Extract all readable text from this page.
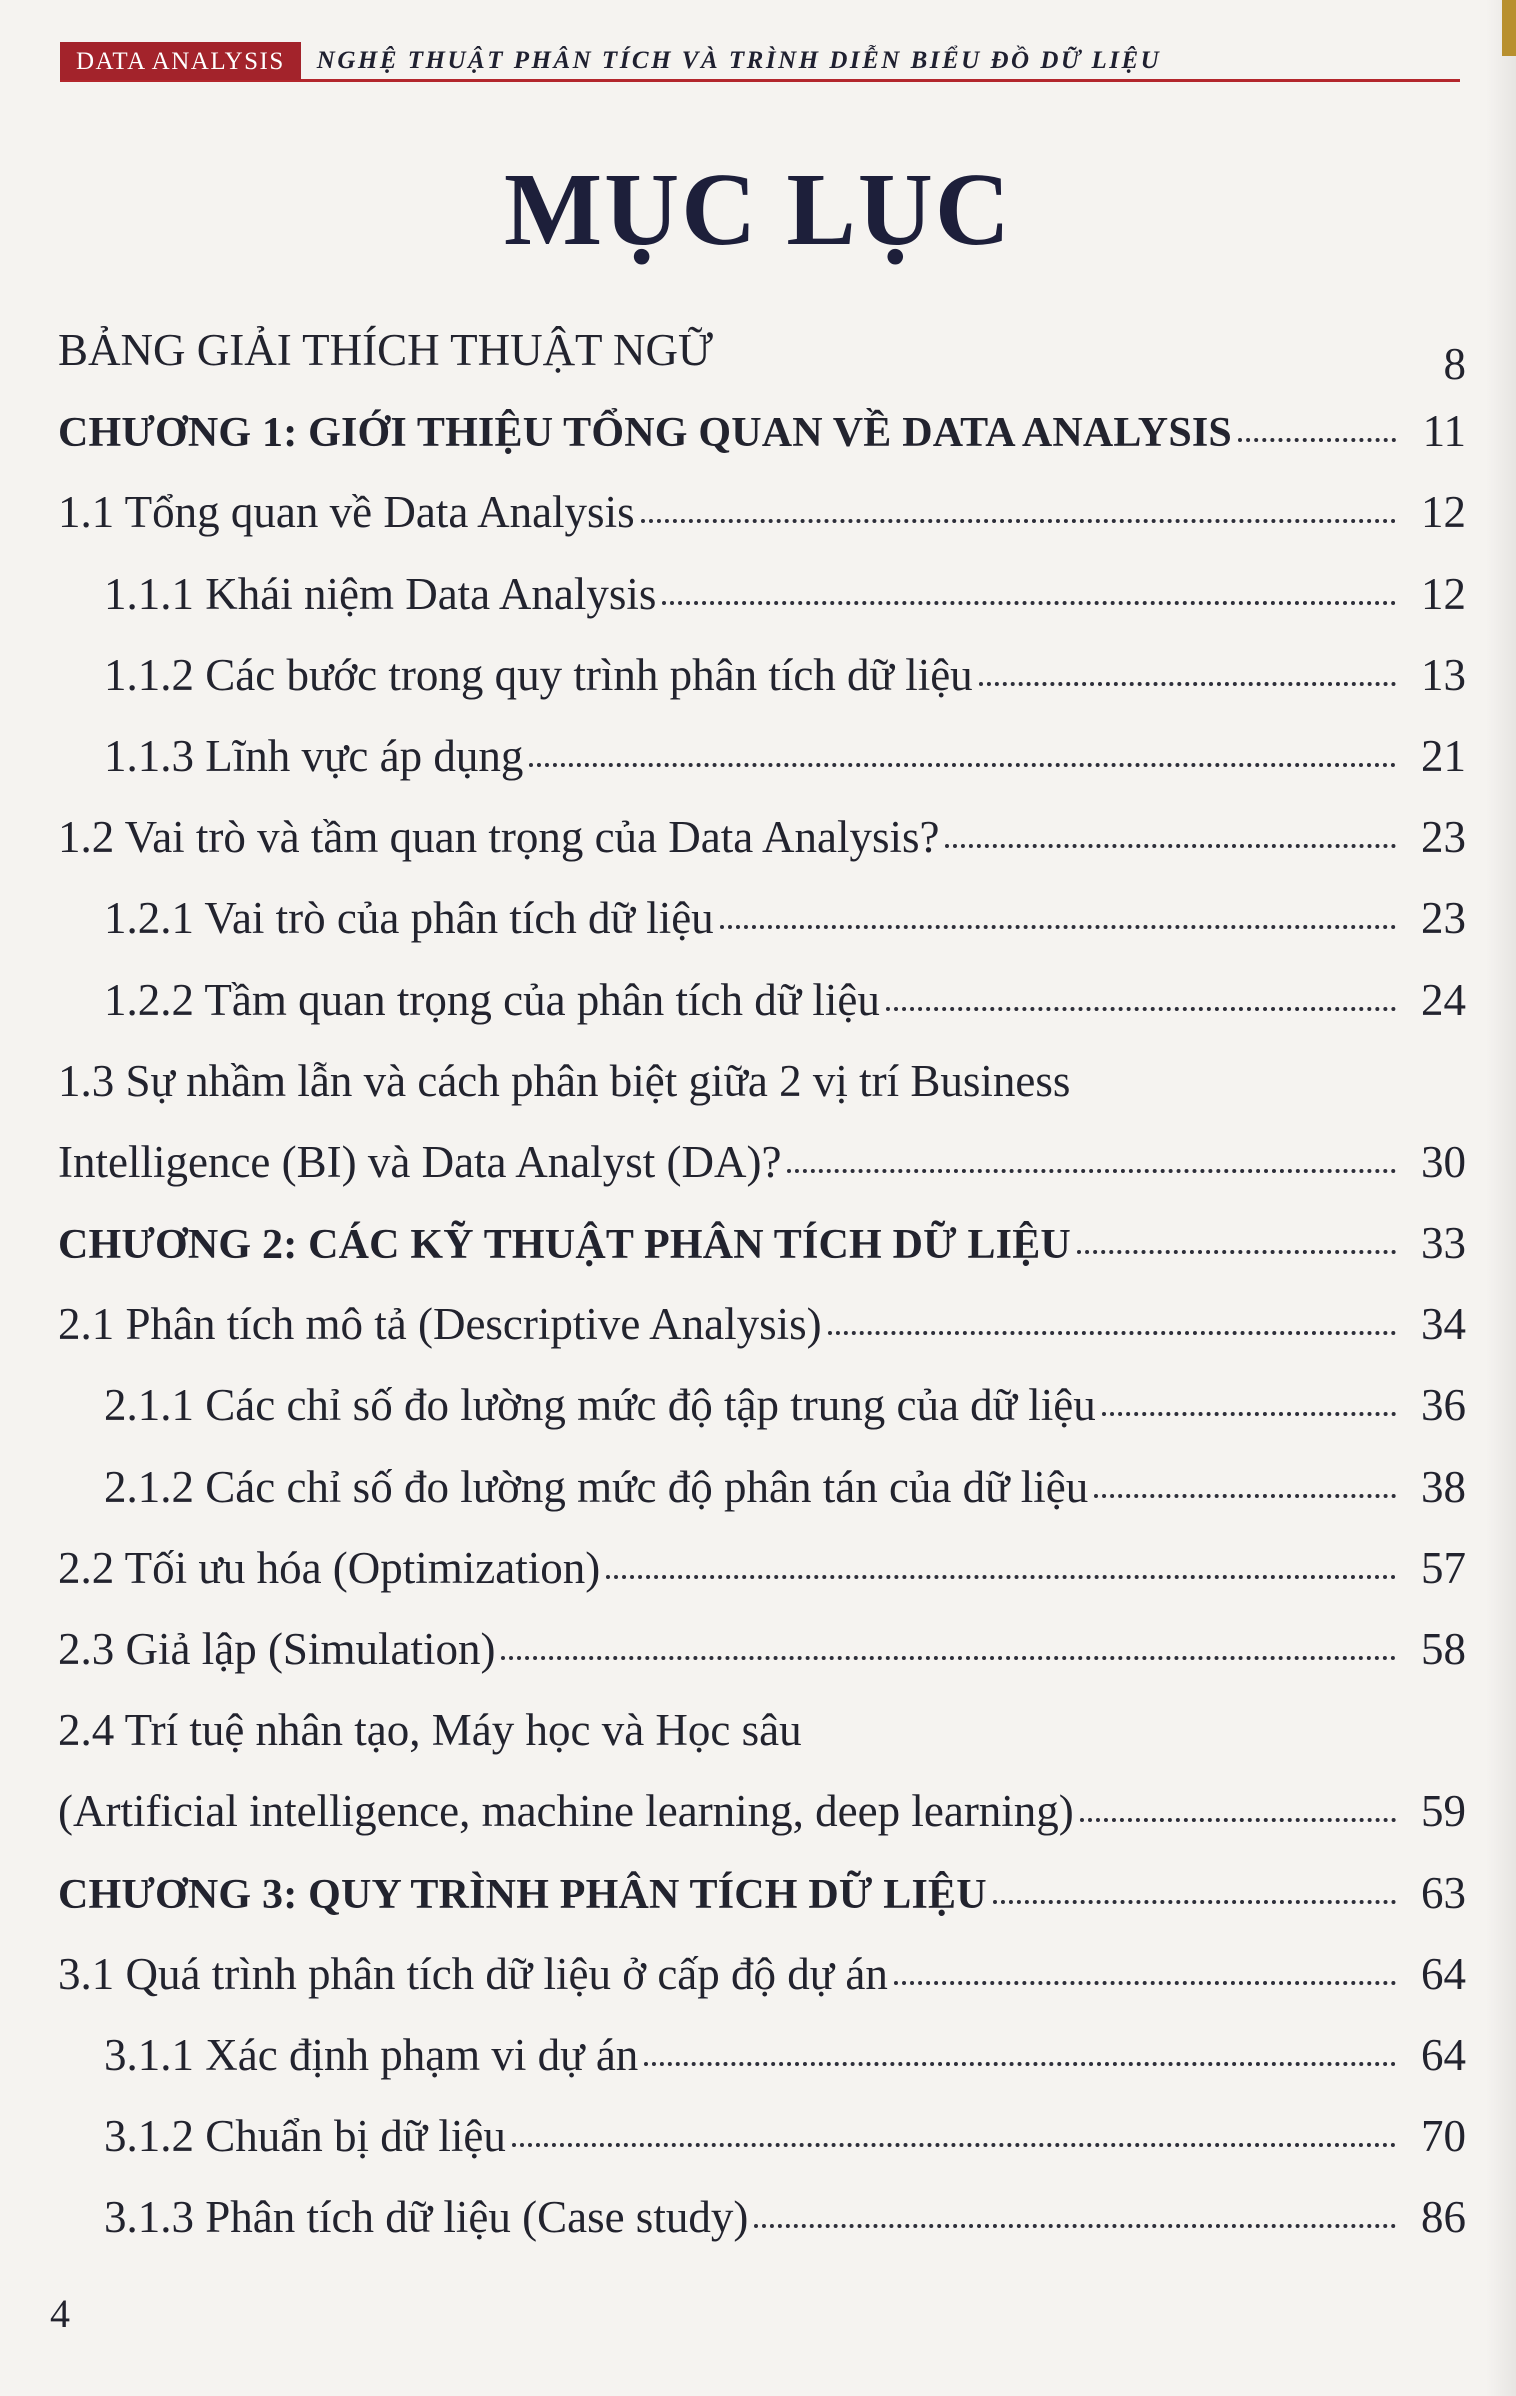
DATA ANALYSIS	NGHỆ THUẬT PHÂN TÍCH VÀ TRÌNH DIỄN BIỂU ĐỒ DỮ LIỆU
MỤC LỤC
BẢNG GIẢI THÍCH THUẬT NGỮ	8
CHƯƠNG 1: GIỚI THIỆU TỔNG QUAN VỀ DATA ANALYSIS	11
1.1 Tổng quan về Data Analysis	12
1.1.1 Khái niệm Data Analysis	12
1.1.2 Các bước trong quy trình phân tích dữ liệu	13
1.1.3 Lĩnh vực áp dụng	21
1.2 Vai trò và tầm quan trọng của Data Analysis?	23
1.2.1 Vai trò của phân tích dữ liệu	23
1.2.2 Tầm quan trọng của phân tích dữ liệu	24
1.3 Sự nhầm lẫn và cách phân biệt giữa 2 vị trí Business
Intelligence (BI) và Data Analyst (DA)?	30
CHƯƠNG 2: CÁC KỸ THUẬT PHÂN TÍCH DỮ LIỆU	33
2.1 Phân tích mô tả (Descriptive Analysis)	34
2.1.1 Các chỉ số đo lường mức độ tập trung của dữ liệu	36
2.1.2 Các chỉ số đo lường mức độ phân tán của dữ liệu	38
2.2 Tối ưu hóa (Optimization)	57
2.3 Giả lập (Simulation)	58
2.4 Trí tuệ nhân tạo, Máy học và Học sâu
(Artificial intelligence, machine learning, deep learning)	59
CHƯƠNG 3: QUY TRÌNH PHÂN TÍCH DỮ LIỆU	63
3.1 Quá trình phân tích dữ liệu ở cấp độ dự án	64
3.1.1 Xác định phạm vi dự án	64
3.1.2 Chuẩn bị dữ liệu	70
3.1.3 Phân tích dữ liệu (Case study)	86
4
